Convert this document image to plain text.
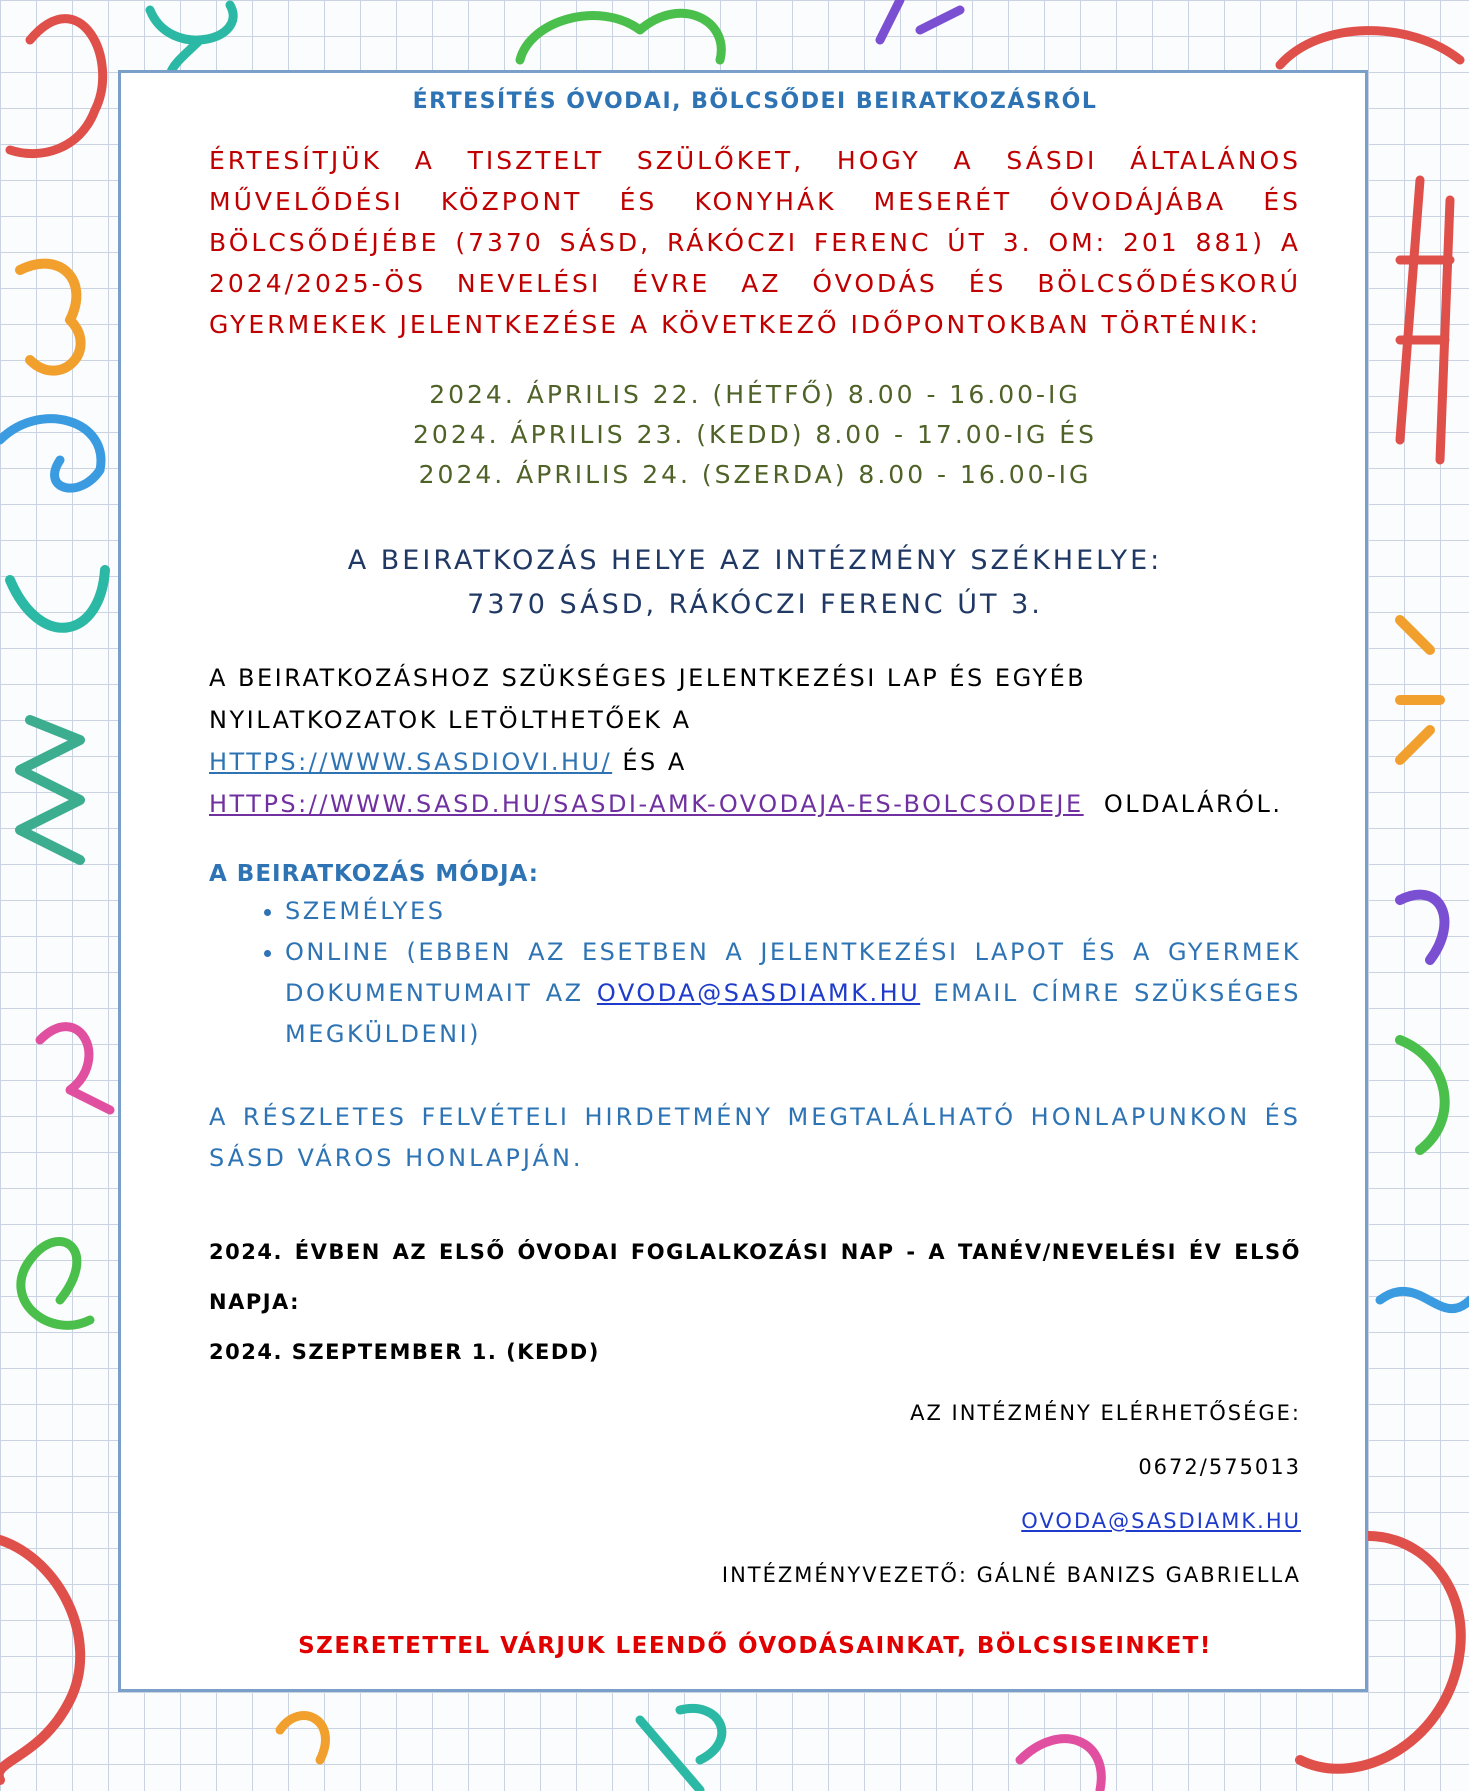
ÉRTESÍTÉS ÓVODAI, BÖLCSŐDEI BEIRATKOZÁSRÓL
ÉRTESÍTJÜK A TISZTELT SZÜLŐKET, HOGY A SÁSDI ÁLTALÁNOS MŰVELŐDÉSI KÖZPONT ÉS KONYHÁK MESERÉT ÓVODÁJÁBA ÉS BÖLCSŐDÉJÉBE (7370 SÁSD, RÁKÓCZI FERENC ÚT 3. OM: 201 881) A 2024/2025-ÖS NEVELÉSI ÉVRE AZ ÓVODÁS ÉS BÖLCSŐDÉSKORÚ GYERMEKEK JELENTKEZÉSE A KÖVETKEZŐ IDŐPONTOKBAN TÖRTÉNIK:
2024. ÁPRILIS 22. (HÉTFŐ) 8.00 - 16.00-IG
2024. ÁPRILIS 23. (KEDD) 8.00 - 17.00-IG ÉS
2024. ÁPRILIS 24. (SZERDA) 8.00 - 16.00-IG
A BEIRATKOZÁS HELYE AZ INTÉZMÉNY SZÉKHELYE:
7370 SÁSD, RÁKÓCZI FERENC ÚT 3.
A BEIRATKOZÁSHOZ SZÜKSÉGES JELENTKEZÉSI LAP ÉS EGYÉB NYILATKOZATOK LETÖLTHETŐEK A
HTTPS://WWW.SASDIOVI.HU/ ÉS A
HTTPS://WWW.SASD.HU/SASDI-AMK-OVODAJA-ES-BOLCSODEJE OLDALÁRÓL.
A BEIRATKOZÁS MÓDJA:
• SZEMÉLYES
• ONLINE (EBBEN AZ ESETBEN A JELENTKEZÉSI LAPOT ÉS A GYERMEK DOKUMENTUMAIT AZ OVODA@SASDIAMK.HU EMAIL CÍMRE SZÜKSÉGES MEGKÜLDENI)
A RÉSZLETES FELVÉTELI HIRDETMÉNY MEGTALÁLHATÓ HONLAPUNKON ÉS SÁSD VÁROS HONLAPJÁN.
2024. ÉVBEN AZ ELSŐ ÓVODAI FOGLALKOZÁSI NAP - A TANÉV/NEVELÉSI ÉV ELSŐ NAPJA:
2024. SZEPTEMBER 1. (KEDD)
AZ INTÉZMÉNY ELÉRHETŐSÉGE:
0672/575013
OVODA@SASDIAMK.HU
INTÉZMÉNYVEZETŐ: GÁLNÉ BANIZS GABRIELLA
SZERETETTEL VÁRJUK LEENDŐ ÓVODÁSAINKAT, BÖLCSISEINKET!
